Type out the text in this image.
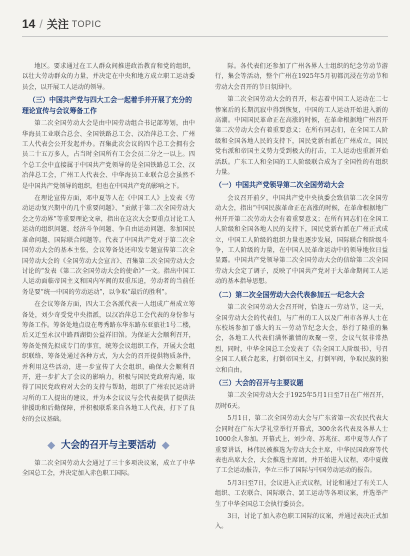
14 / 关注 TOPIC

地区。要求通过在工人群众间推进政治教育和党的组织，以壮大劳动群众的力量，并决定在中央和地方成立职工运动委员会，以开展工人运动的领导。

（三）中国共产党与四大工会一起着手并开展了充分的理论宣传与会议筹备工作

第二次全国劳动大会是由中国劳动组合书记部筹划，由中华海员工业联合总会、全国铁路总工会、汉冶萍总工会、广州工人代表会公开发起并办。召集此次会议的四个总工会拥有会员二十五万多人，占当时全国所有工会会员二分之一以上。四个总工会中直接属于中国共产党领导的是全国铁路总工会、汉冶萍总工会，广州工人代表会、中华海员工业联合总会虽然不是中国共产党领导的组织，但也在中国共产党的影响之下。

在理论宣传方面，邓中夏等人在《中国工人》上发表《劳动运动复兴期中的几个重要问题》、“贡献于第二次全国劳动大会之劳动界”等重要理论文章，指出在这次大会要重点讨论工人运动的组织问题、经济斗争问题、争自由运动问题、参加国民革命问题、国际联合问题等。代表了中国共产党对于第二次全国劳动大会的基本主张，会议筹备处还印发专题宣传第二次全国劳动大会的《全国劳动大会宣言》、召集第二次全国劳动大会讨论的“发表《第二次全国劳动大会的使命》”一文。指出中国工人运动面临帝国主义和国内军阀的双重压迫，劳动者的当前任务是要“统一中国的劳动运动”，以争取“最后的胜利”。

在会议筹备方面，四大工会各派代表一人组成广州成立筹备处，刘少奇受党中央指派，以汉冶萍总工会代表的身份参与筹备工作。筹备处地点设在粤秀路东华东路东亚旅社1号二楼，后又迁至永汉中路西湖街公益祥旧馆。为保证大会顺利召开，筹备处预先拟成专门的事宜，统筹会议组织工作，开展大会组织联络、筹备处通过各种方式，为大会的召开提供物质条件，并利用这些活动，进一步宣传了大会组织，确保大会顺利召开，进一步扩大了会议的影响力，积极与国民党政府沟通，取得了国民党政府对大会的支持与帮助，组织了广州农民运动讲习所的工人提出的建议，并为本会议议与会代表提供了提供法律援助和后勤保障，并积极联系来自各地工人代表，打下了良好的会议基础。

◆ 大会的召开与主要活动 ◆

第二次全国劳动大会通过了三十多项决议案，成立了中华全国总工会，并决定加入赤色职工国际。

际。各代表们还参加了广州各界人士组织的纪念劳动节游行，集会等活动，整个广州在1925年5月初都沉浸在劳动节和劳动大会召开的节日氛围中。

第二次全国劳动大会的召开，标志着中国工人运动在二七惨案后的长期沉寂中得到恢复，中国的工人运动开始进入新的高潮。中国国民革命正在高涨的时候，在革命根据地广州召开第二次劳动大会有着重要意义；在所有同志们，在全国工人阶级和全国各地人民的支持下，国民党新右派在广州成立，国民党右派和帝国主义势力受到极大的打击，工人运动也重新开始活跃。广东工人和全国的工人阶级联合成为了全国性的有组织力量。

（一）中国共产党领导第二次全国劳动大会

会议召开前夕，中国共产党中央执委会致信第二次全国劳动大会，指出“中国民族革命正在高涨的时候，在革命根据地广州开开第二次劳动大会有着重要意义；在所有同志们在全国工人阶级和全国各地人民的支持下，国民党新右派在广州正式成立，中国工人阶级的组织力量也逐步发展，国际联合和阶级斗争，工人阶级的力量，在中国人民革命运动中的领导地位日益显露。中国共产党领导第二次全国劳动大会的信给第二次全国劳动大会定了调子，反映了中国共产党对于大革命期间工人运动的基本指导思想。

（二）第二次全国劳动大会代表参加五一纪念大会

第二次全国劳动大会召开时，恰逢五一劳动节，这一天，全国劳动大会的代表们，与广州的工人以及广州市各界人士在东校场参加了盛大的五一劳动节纪念大会，举行了隆重的集会，各地工人代表们满怀激情的欢聚一堂，会议气氛非常热烈，同时，中华全国总工会发表了《告全国工人阶级书》，号召全国工人联合起来，打倒帝国主义，打倒军阀，争取民族的独立和自由。

（三）大会的召开与主要议题

第二次全国劳动大会于1925年5月1日至7日在广州召开，历时6天。

5月1日，第二次全国劳动大会与广东省第一次农民代表大会同时在广东大学礼堂举行开幕式，300余名代表及各界人士1000余人参加。开幕式上，刘少奇、苏兆征、邓中夏等人作了重要讲话，林伟民被推选为劳动大会主席，中华民国政府等代表也出席大会，大会推选主席团，并开始进入议程，邓中夏做了工会运动报告，李立三作了国际与中国劳动运动的报告。

5月3日至7日，会议进入正式议程，讨论和通过了有关工人组织、工农联合、国际联合、罢工运动等各项议案，并选举产生了中华全国总工会执行委员会。

3日，讨论了加入赤色职工国际的议案，并通过表决正式加入。
